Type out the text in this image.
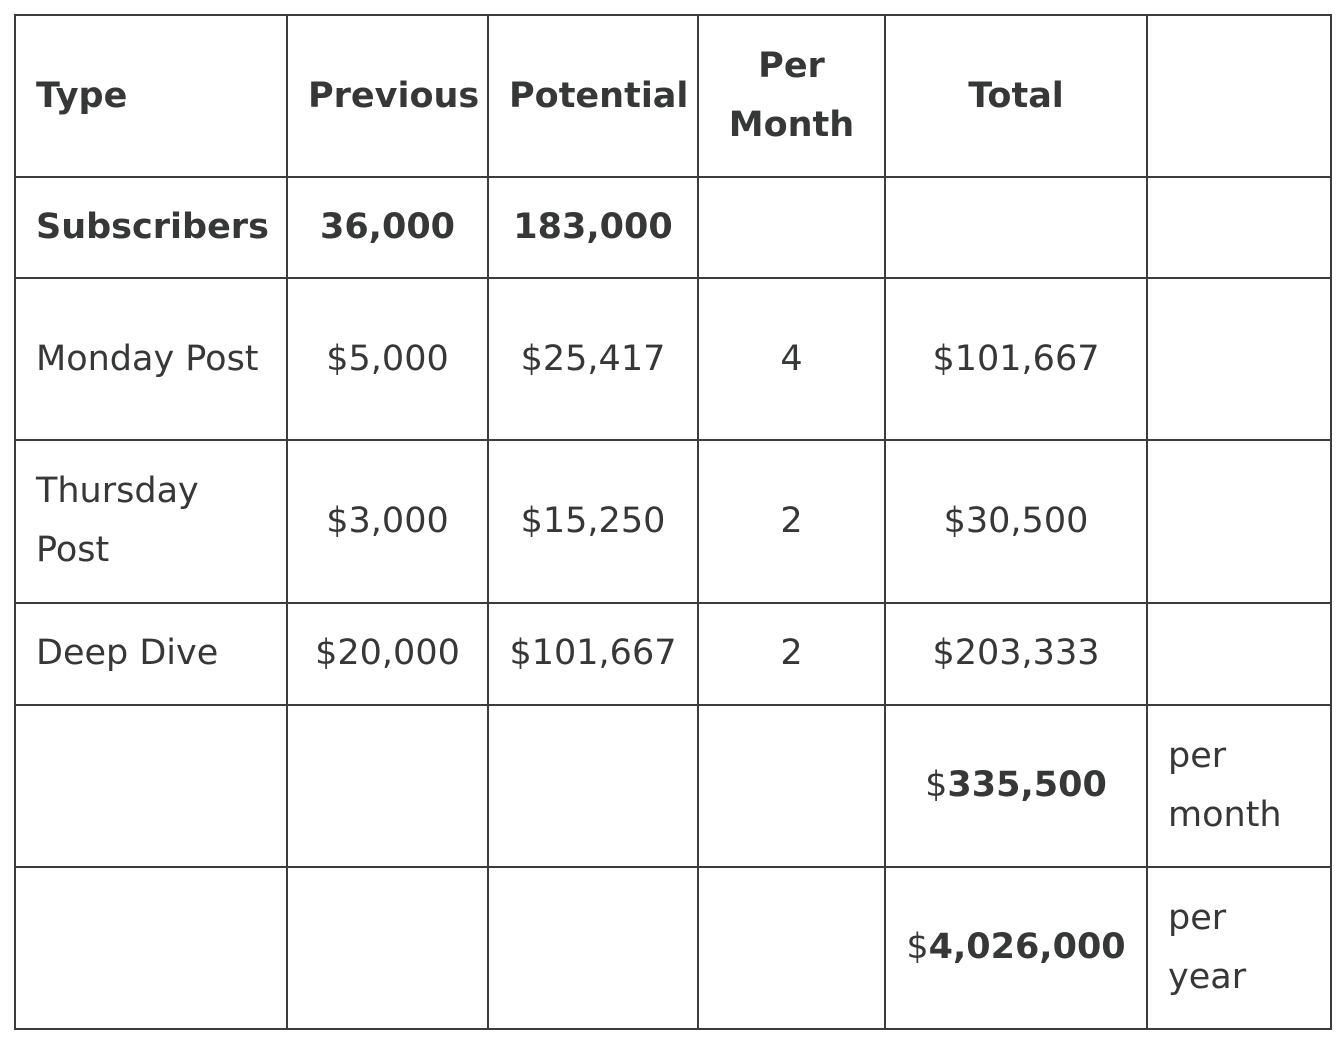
Type	Previous	Potential	Per Month	Total	
Subscribers	36,000	183,000			
Monday Post	$5,000	$25,417	4	$101,667	
Thursday Post	$3,000	$15,250	2	$30,500	
Deep Dive	$20,000	$101,667	2	$203,333	
				$335,500	per month
				$4,026,000	per year
